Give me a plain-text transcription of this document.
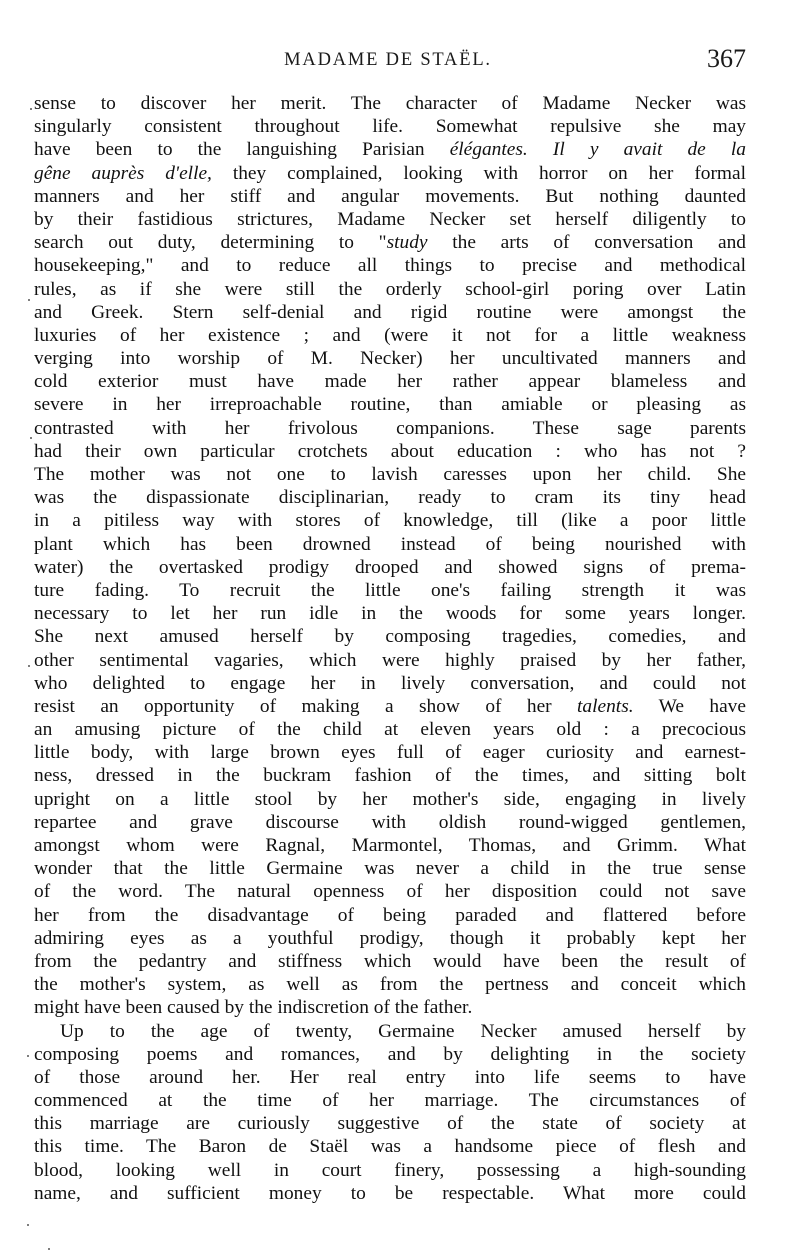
MADAME DE STAËL.	367
sense to discover her merit. The character of Madame Necker was
singularly consistent throughout life. Somewhat repulsive she may
have been to the languishing Parisian élégantes. Il y avait de la
gêne auprès d'elle, they complained, looking with horror on her formal
manners and her stiff and angular movements. But nothing daunted
by their fastidious strictures, Madame Necker set herself diligently to
search out duty, determining to "study the arts of conversation and
housekeeping," and to reduce all things to precise and methodical
rules, as if she were still the orderly school-girl poring over Latin
and Greek. Stern self-denial and rigid routine were amongst the
luxuries of her existence ; and (were it not for a little weakness
verging into worship of M. Necker) her uncultivated manners and
cold exterior must have made her rather appear blameless and
severe in her irreproachable routine, than amiable or pleasing as
contrasted with her frivolous companions. These sage parents
had their own particular crotchets about education : who has not ?
The mother was not one to lavish caresses upon her child. She
was the dispassionate disciplinarian, ready to cram its tiny head
in a pitiless way with stores of knowledge, till (like a poor little
plant which has been drowned instead of being nourished with
water) the overtasked prodigy drooped and showed signs of prema-
ture fading. To recruit the little one's failing strength it was
necessary to let her run idle in the woods for some years longer.
She next amused herself by composing tragedies, comedies, and
other sentimental vagaries, which were highly praised by her father,
who delighted to engage her in lively conversation, and could not
resist an opportunity of making a show of her talents. We have
an amusing picture of the child at eleven years old : a precocious
little body, with large brown eyes full of eager curiosity and earnest-
ness, dressed in the buckram fashion of the times, and sitting bolt
upright on a little stool by her mother's side, engaging in lively
repartee and grave discourse with oldish round-wigged gentlemen,
amongst whom were Ragnal, Marmontel, Thomas, and Grimm. What
wonder that the little Germaine was never a child in the true sense
of the word. The natural openness of her disposition could not save
her from the disadvantage of being paraded and flattered before
admiring eyes as a youthful prodigy, though it probably kept her
from the pedantry and stiffness which would have been the result of
the mother's system, as well as from the pertness and conceit which
might have been caused by the indiscretion of the father.
Up to the age of twenty, Germaine Necker amused herself by
composing poems and romances, and by delighting in the society
of those around her. Her real entry into life seems to have
commenced at the time of her marriage. The circumstances of
this marriage are curiously suggestive of the state of society at
this time. The Baron de Staël was a handsome piece of flesh and
blood, looking well in court finery, possessing a high-sounding
name, and sufficient money to be respectable. What more could
